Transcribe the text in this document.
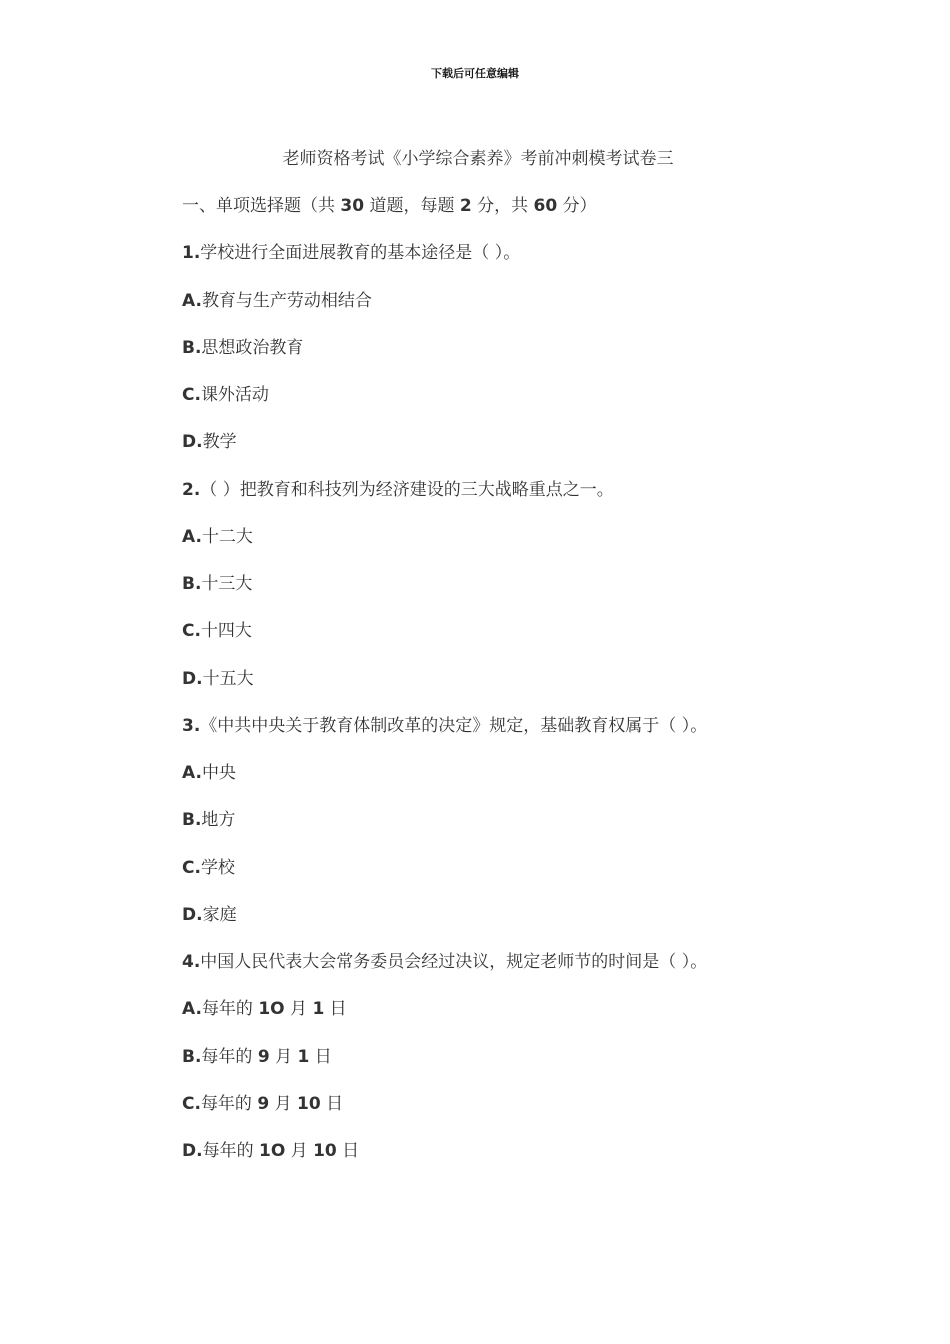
下载后可任意编辑
老师资格考试《小学综合素养》考前冲刺模考试卷三
一、单项选择题（共 30 道题，每题 2 分，共 60 分）
1.学校进行全面进展教育的基本途径是（ ）。
A.教育与生产劳动相结合
B.思想政治教育
C.课外活动
D.教学
2.（ ）把教育和科技列为经济建设的三大战略重点之一。
A.十二大
B.十三大
C.十四大
D.十五大
3.《中共中央关于教育体制改革的决定》规定，基础教育权属于（ ）。
A.中央
B.地方
C.学校
D.家庭
4.中国人民代表大会常务委员会经过决议，规定老师节的时间是（ ）。
A.每年的 1O 月 1 日
B.每年的 9 月 1 日
C.每年的 9 月 10 日
D.每年的 1O 月 10 日
